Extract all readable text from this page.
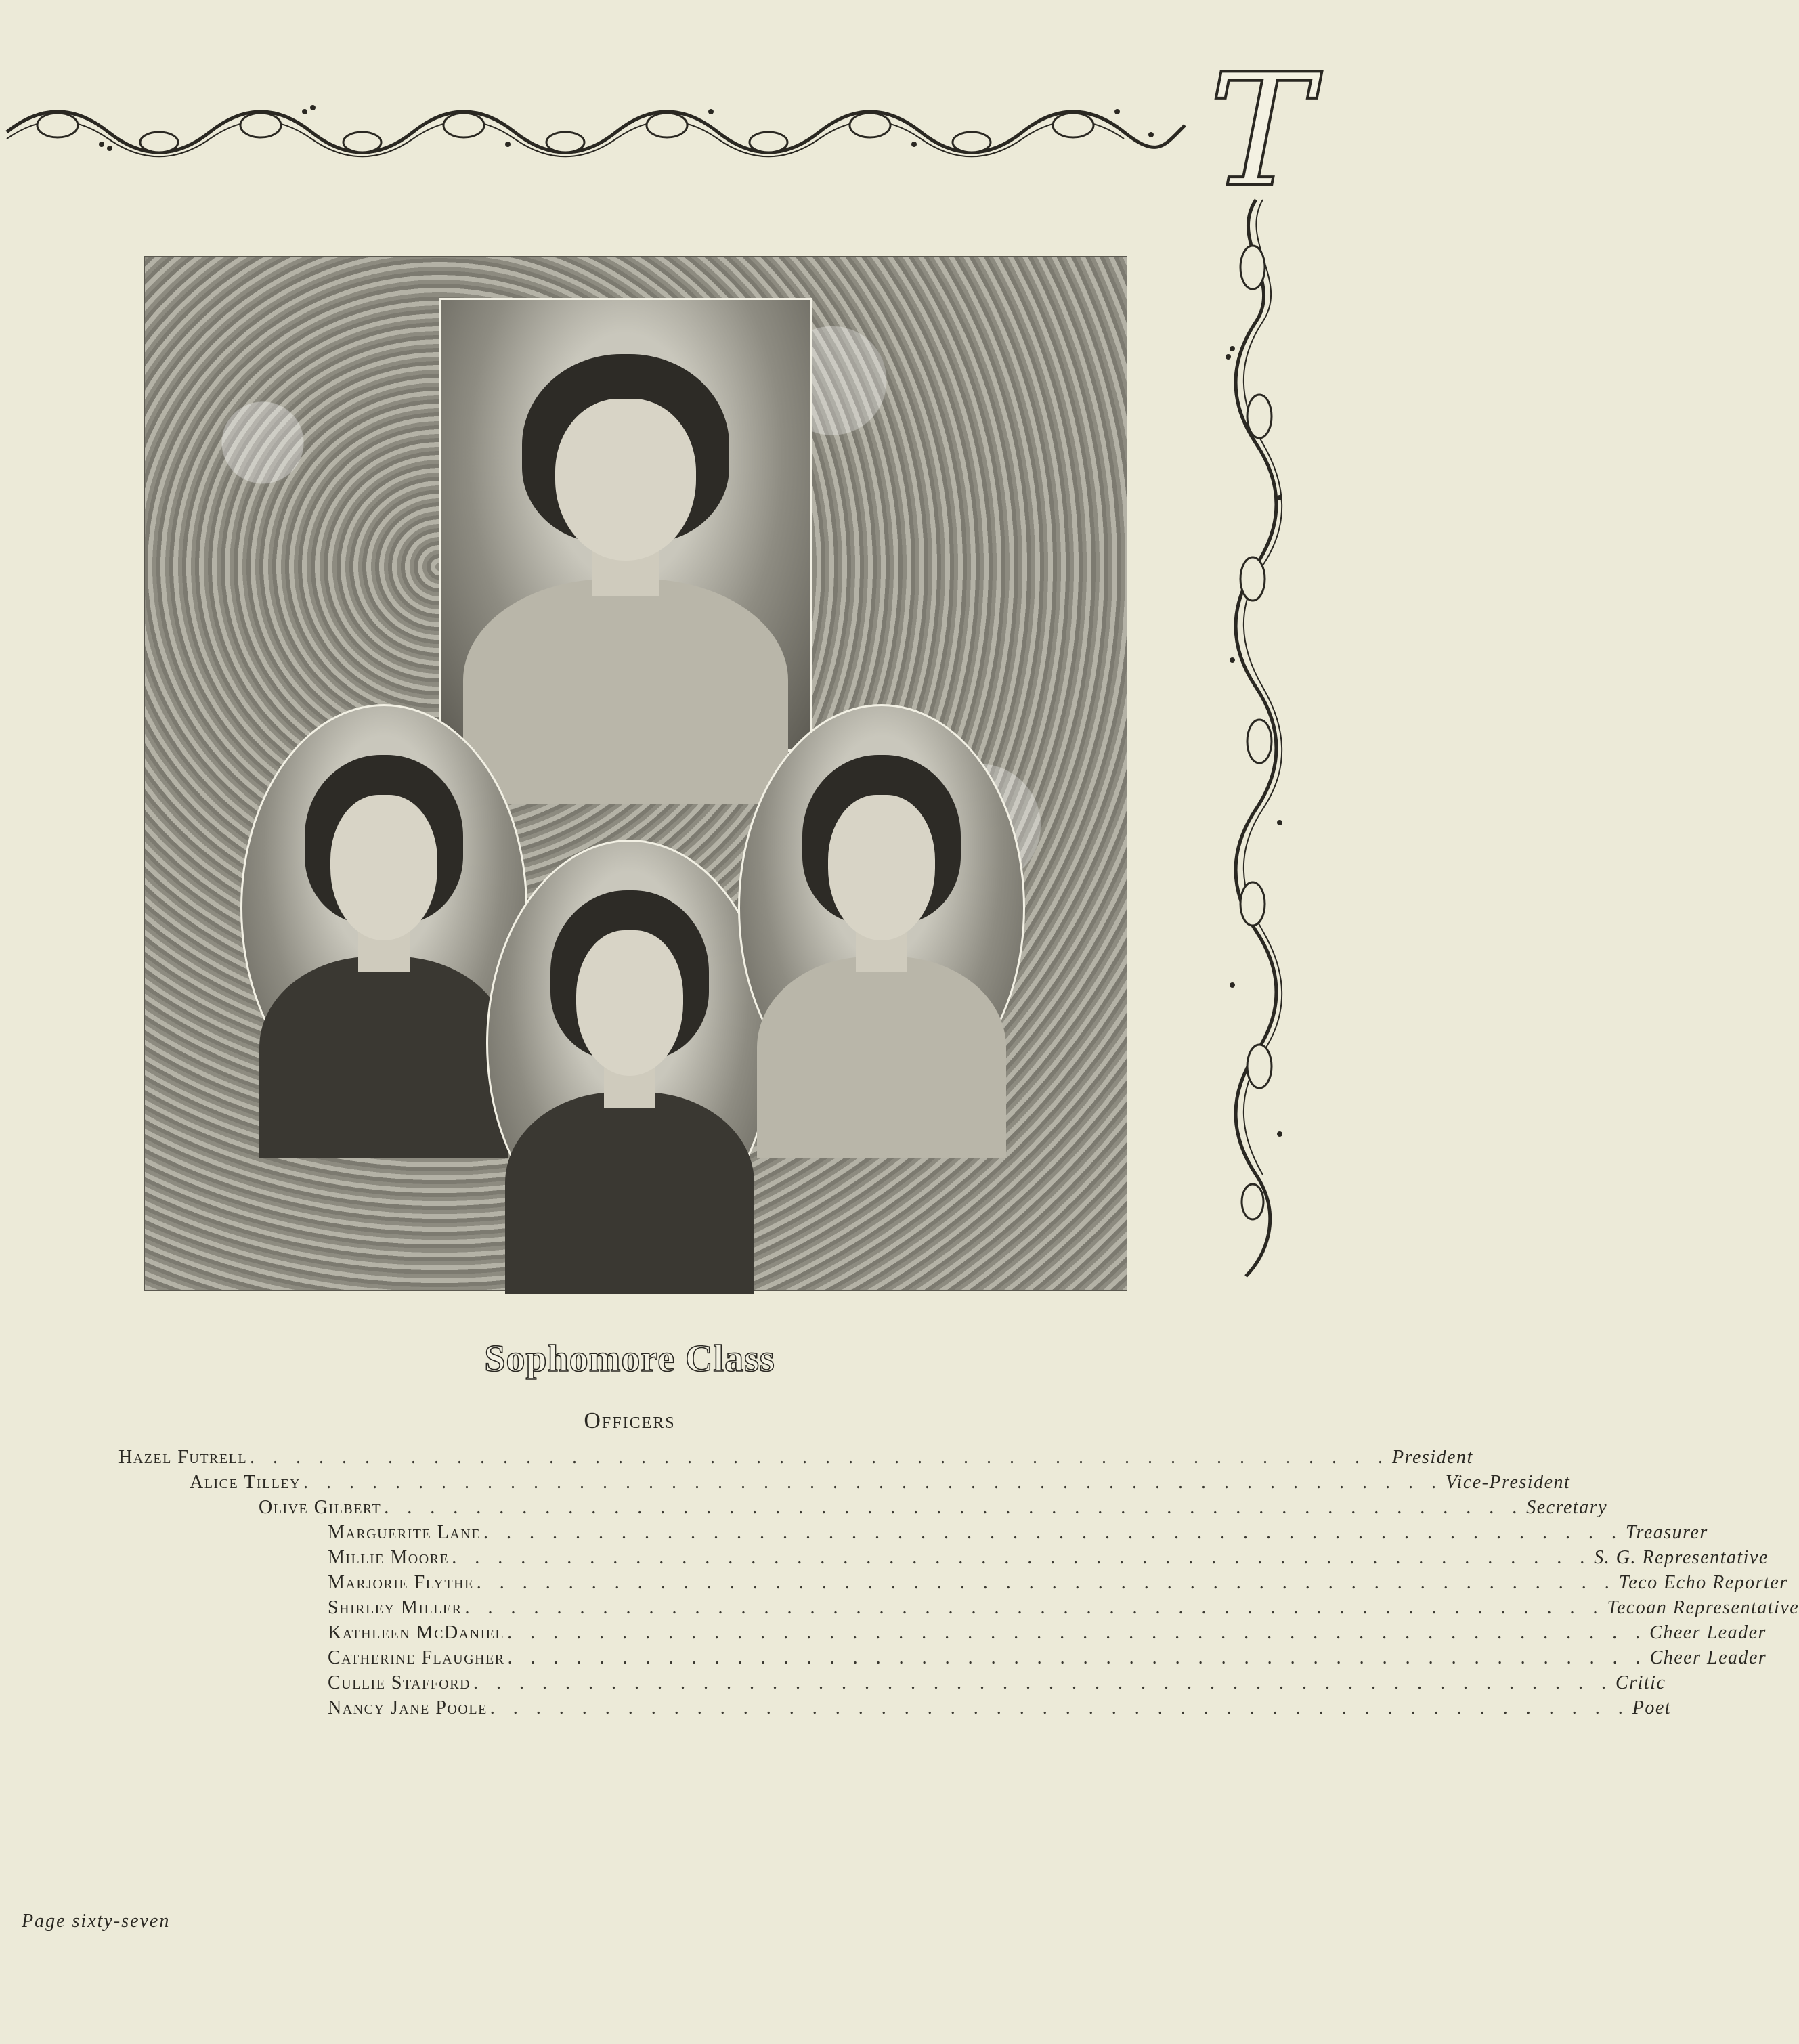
T
Sophomore Class
Officers
Hazel Futrell . . . . . . . . . . . . . . . . . . . . . . . . . . . . . . . . . . . . . . . . . . . . . . . . . . President
Alice Tilley . . . . . . . . . . . . . . . . . . . . . . . . . . . . . . . . . . . . . . . . . . . . . . . . . . Vice-President
Olive Gilbert . . . . . . . . . . . . . . . . . . . . . . . . . . . . . . . . . . . . . . . . . . . . . . . . . . Secretary
Marguerite Lane . . . . . . . . . . . . . . . . . . . . . . . . . . . . . . . . . . . . . . . . . . . . . . . . . . Treasurer
Millie Moore . . . . . . . . . . . . . . . . . . . . . . . . . . . . . . . . . . . . . . . . . . . . . . . . . . S. G. Representative
Marjorie Flythe . . . . . . . . . . . . . . . . . . . . . . . . . . . . . . . . . . . . . . . . . . . . . . . . . . Teco Echo Reporter
Shirley Miller . . . . . . . . . . . . . . . . . . . . . . . . . . . . . . . . . . . . . . . . . . . . . . . . . . Tecoan Representative
Kathleen McDaniel . . . . . . . . . . . . . . . . . . . . . . . . . . . . . . . . . . . . . . . . . . . . . . . . . . Cheer Leader
Catherine Flaugher . . . . . . . . . . . . . . . . . . . . . . . . . . . . . . . . . . . . . . . . . . . . . . . . . . Cheer Leader
Cullie Stafford . . . . . . . . . . . . . . . . . . . . . . . . . . . . . . . . . . . . . . . . . . . . . . . . . . Critic
Nancy Jane Poole . . . . . . . . . . . . . . . . . . . . . . . . . . . . . . . . . . . . . . . . . . . . . . . . . . Poet
Page sixty-seven
